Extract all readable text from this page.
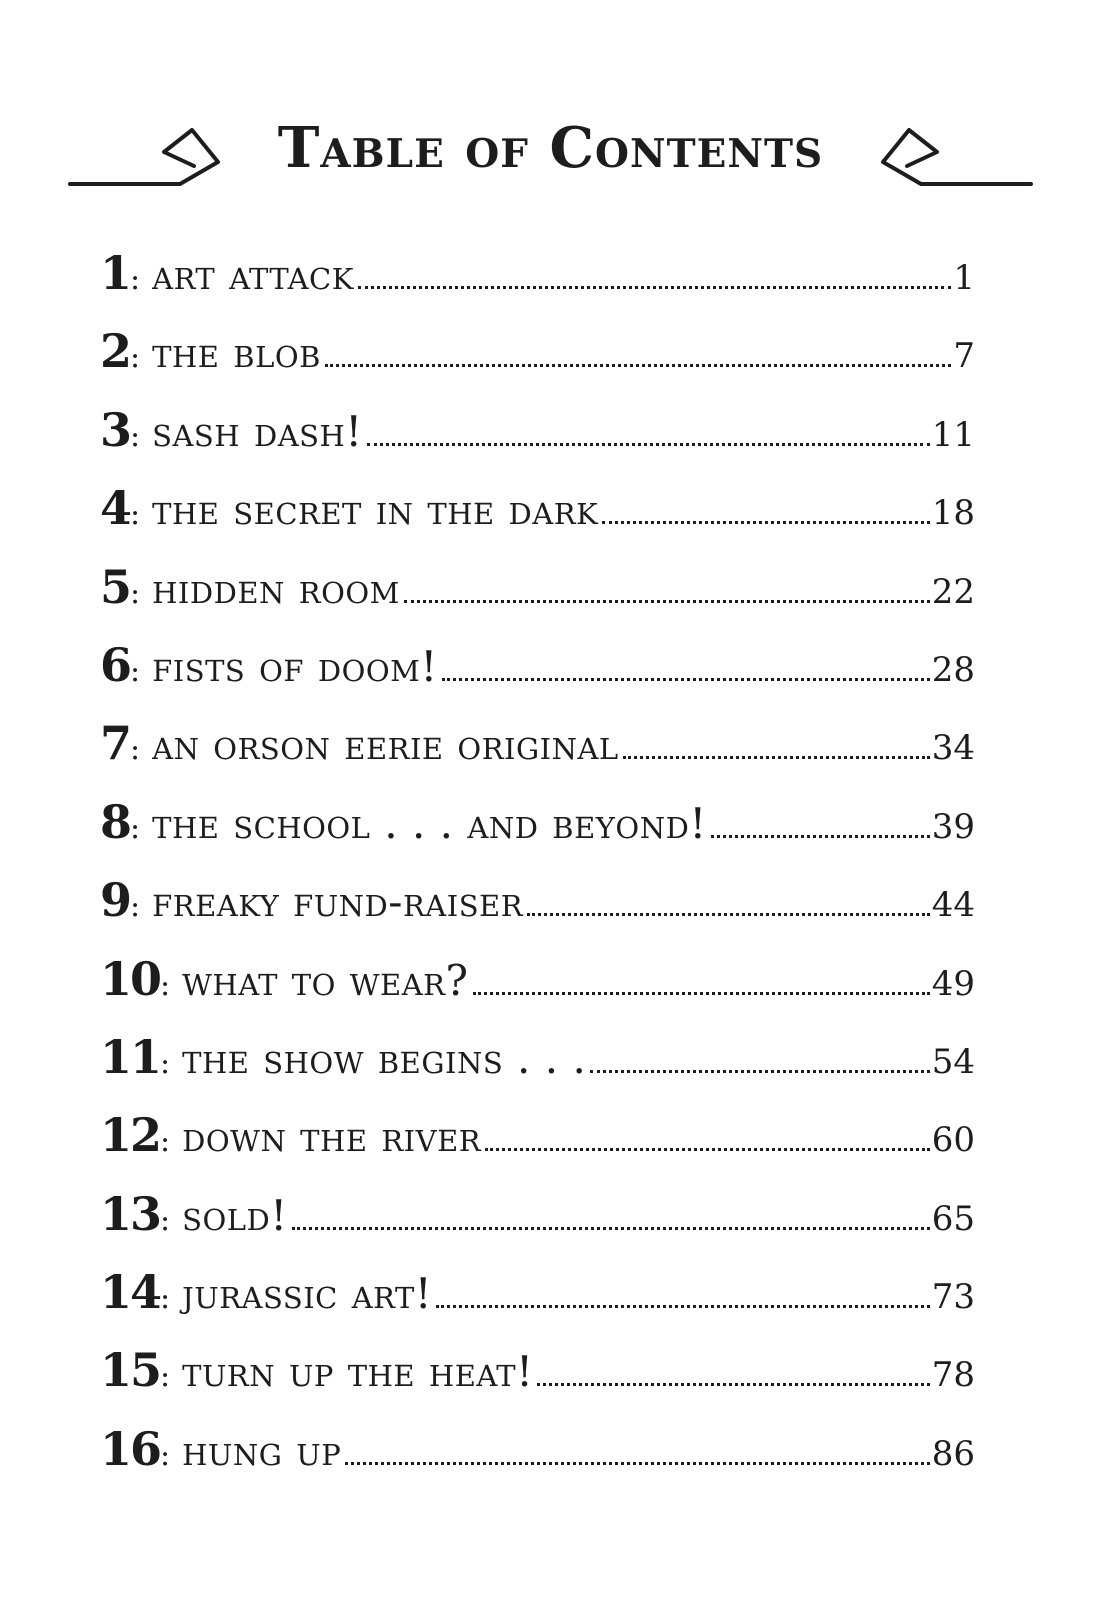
Table of Contents
1 : art attack	1
2 : the blob	7
3 : sash dash!	11
4 : the secret in the dark	18
5 : hidden room	22
6 : fists of doom!	28
7 : an orson eerie original	34
8 : the school . . . and beyond!	39
9 : freaky fund-raiser	44
10 : what to wear?	49
11 : the show begins . . .	54
12 : down the river	60
13 : sold!	65
14 : jurassic art!	73
15 : turn up the heat!	78
16 : hung up	86
